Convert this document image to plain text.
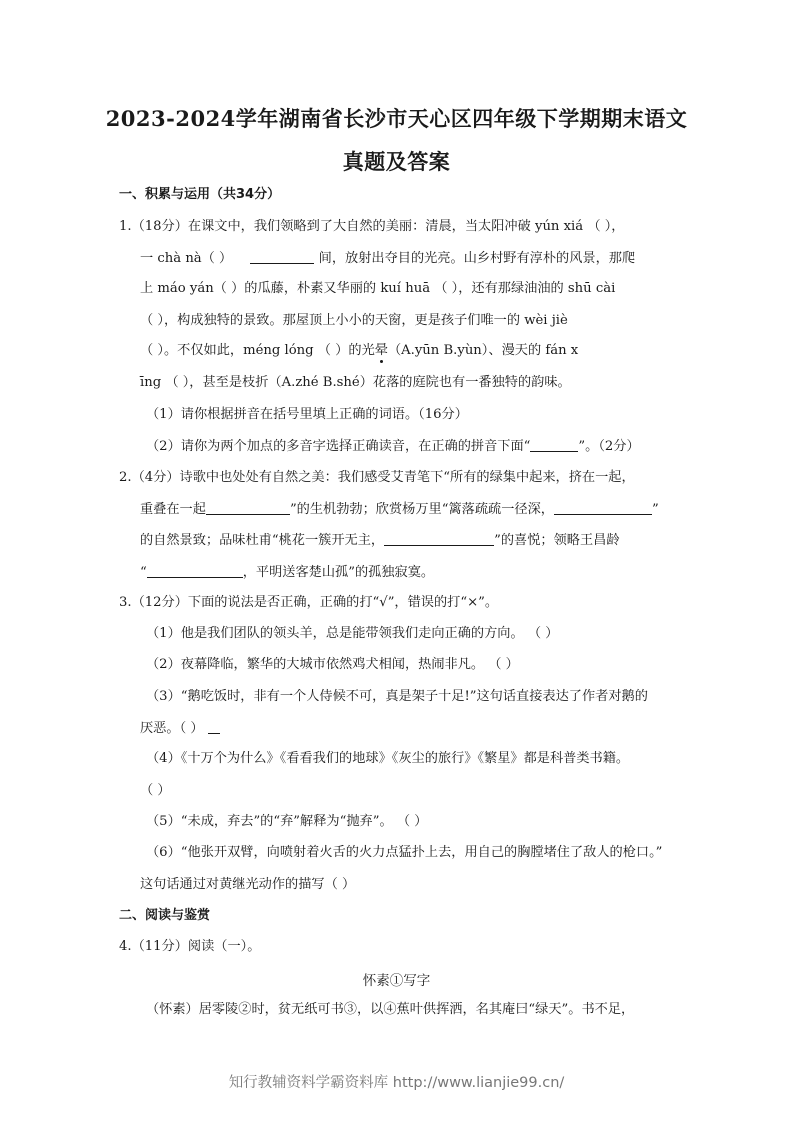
2023-2024学年湖南省长沙市天心区四年级下学期期末语文
真题及答案
一、积累与运用（共34分）
1.（18分）在课文中，我们领略到了大自然的美丽：清晨，当太阳冲破 yún xiá （ ），
一 chà nà（ ）	间，放射出夺目的光亮。山乡村野有淳朴的风景，那爬
上 máo yán（ ）的瓜藤，朴素又华丽的 kuí huā （ ），还有那绿油油的 shū cài
（ ），构成独特的景致。那屋顶上小小的天窗，更是孩子们唯一的 wèi jiè
（ ）。不仅如此，méng lóng （ ）的光晕（A.yūn B.yùn）、漫天的 fán x
īng （ ），甚至是枝折（A.zhé B.shé）花落的庭院也有一番独特的韵味。
（1）请你根据拼音在括号里填上正确的词语。（16分）
（2）请你为两个加点的多音字选择正确读音，在正确的拼音下面“	”。（2分）
2.（4分）诗歌中也处处有自然之美：我们感受艾青笔下“所有的绿集中起来，挤在一起，
重叠在一起	”的生机勃勃；欣赏杨万里“篱落疏疏一径深，	”
的自然景致；品味杜甫“桃花一簇开无主，	”的喜悦；领略王昌龄
“	，平明送客楚山孤”的孤独寂寞。
3.（12分）下面的说法是否正确，正确的打“√”，错误的打“×”。
（1）他是我们团队的领头羊，总是能带领我们走向正确的方向。 （ ）
（2）夜幕降临，繁华的大城市依然鸡犬相闻，热闹非凡。 （ ）
（3）“鹅吃饭时，非有一个人侍候不可，真是架子十足!”这句话直接表达了作者对鹅的
厌恶。（ ）
（4）《十万个为什么》《看看我们的地球》《灰尘的旅行》《繁星》都是科普类书籍。
（ ）
（5）“未成，弃去”的“弃”解释为“抛弃”。 （ ）
（6）“他张开双臂，向喷射着火舌的火力点猛扑上去，用自己的胸膛堵住了敌人的枪口。”
这句话通过对黄继光动作的描写（ ）
二、阅读与鉴赏
4.（11分）阅读（一）。
怀素①写字
（怀素）居零陵②时，贫无纸可书③，以④蕉叶供挥洒，名其庵曰“绿天”。书不足，
知行教辅资料学霸资料库 http://www.lianjie99.cn/
